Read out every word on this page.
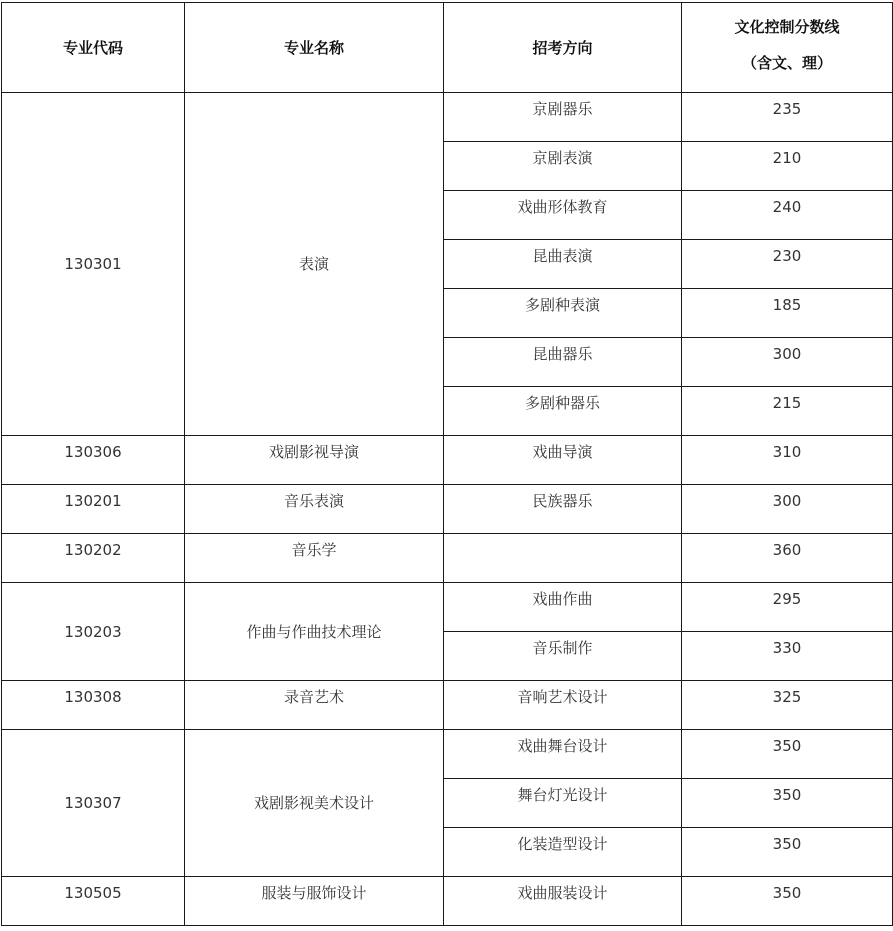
专业代码	专业名称	招考方向	文化控制分数线
（含文、理）

130301	表演	京剧器乐	235
		京剧表演	210
		戏曲形体教育	240
		昆曲表演	230
		多剧种表演	185
		昆曲器乐	300
		多剧种器乐	215
130306	戏剧影视导演	戏曲导演	310
130201	音乐表演	民族器乐	300
130202	音乐学		360
130203	作曲与作曲技术理论	戏曲作曲	295
		音乐制作	330
130308	录音艺术	音响艺术设计	325
130307	戏剧影视美术设计	戏曲舞台设计	350
		舞台灯光设计	350
		化装造型设计	350
130505	服装与服饰设计	戏曲服装设计	350
